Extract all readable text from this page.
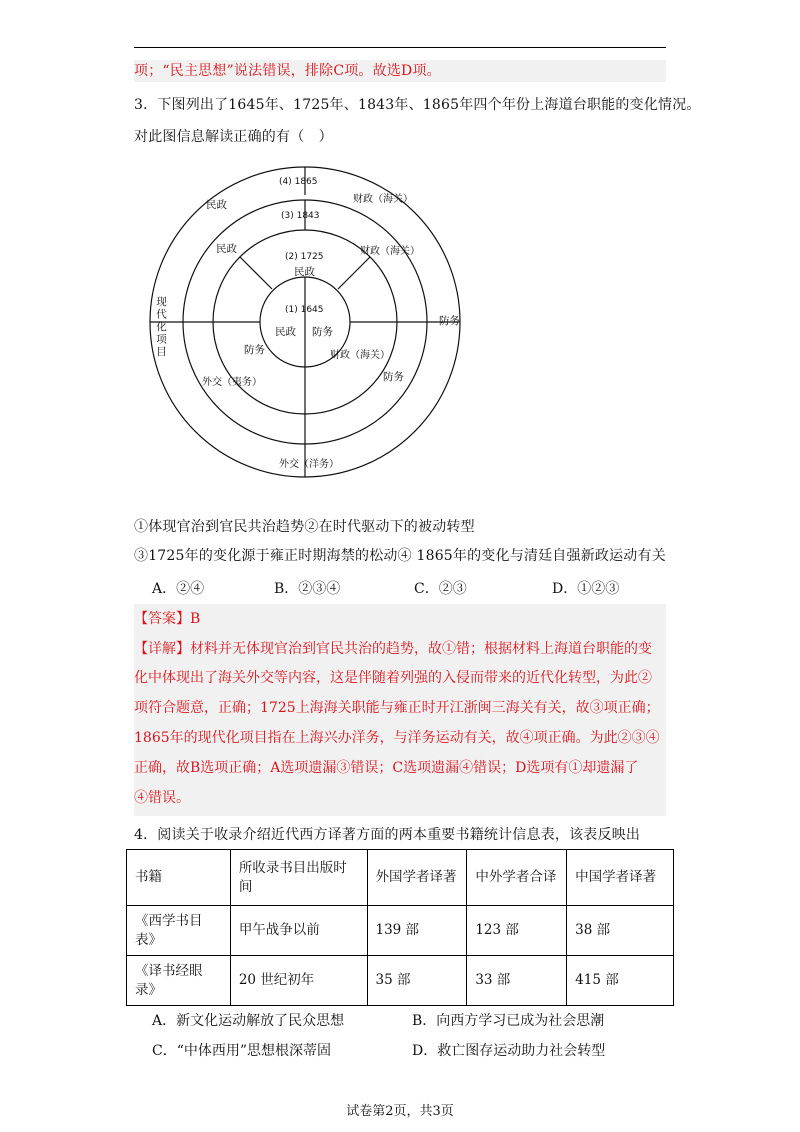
项；“民主思想”说法错误，排除C项。故选D项。
3．下图列出了1645年、1725年、1843年、1865年四个年份上海道台职能的变化情况。
对此图信息解读正确的有（　）
(4) 1865
民政	财政（海关）
(3) 1843
民政	财政（海关）
(2) 1725
民政
(1) 1645
民政 防务
防务	财政（海关）
外交（夷务）	防务
防务
外交（洋务）
现代化项目
①体现官治到官民共治趋势②在时代驱动下的被动转型
③1725年的变化源于雍正时期海禁的松动④ 1865年的变化与清廷自强新政运动有关
A．②④	B．②③④	C．②③	D．①②③
【答案】B
【详解】材料并无体现官治到官民共治的趋势，故①错；根据材料上海道台职能的变
化中体现出了海关外交等内容，这是伴随着列强的入侵而带来的近代化转型，为此②
项符合题意，正确；1725上海海关职能与雍正时开江浙闽三海关有关，故③项正确；
1865年的现代化项目指在上海兴办洋务，与洋务运动有关，故④项正确。为此②③④
正确，故B选项正确；A选项遗漏③错误；C选项遗漏④错误；D选项有①却遗漏了
④错误。
4．阅读关于收录介绍近代西方译著方面的两本重要书籍统计信息表，该表反映出
书籍	所收录书目出版时间	外国学者译著	中外学者合译	中国学者译著
《西学书目表》	甲午战争以前	139 部	123 部	38 部
《译书经眼录》	20 世纪初年	35 部	33 部	415 部
A．新文化运动解放了民众思想	B．向西方学习已成为社会思潮
C．“中体西用”思想根深蒂固	D．救亡图存运动助力社会转型
试卷第2页，共3页
